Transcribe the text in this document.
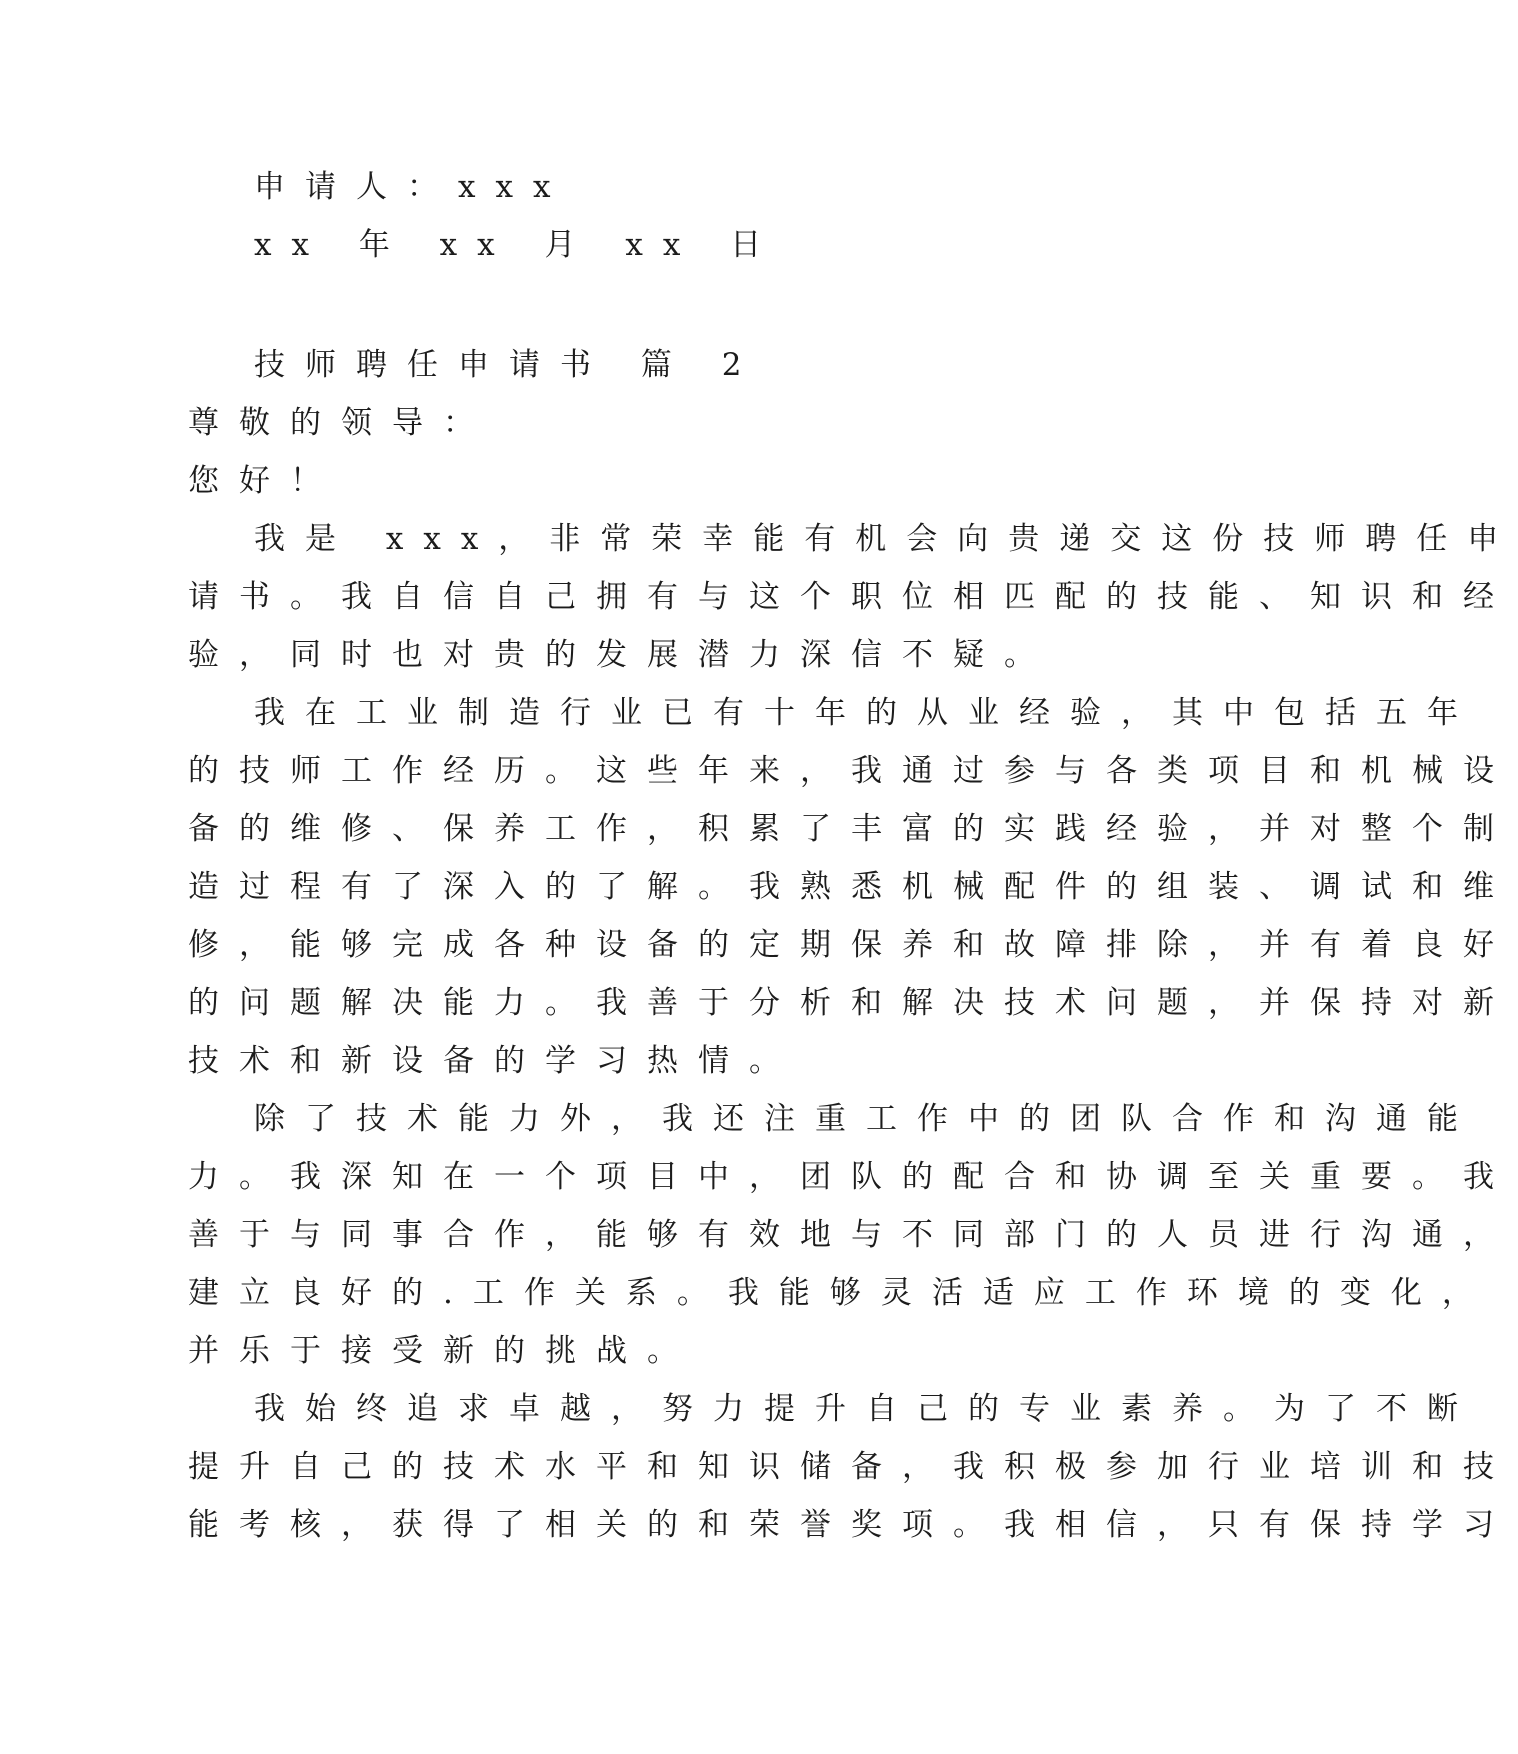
申请人：xxx
xx 年 xx 月 xx 日
技师聘任申请书 篇 2
尊敬的领导：
您好！
我是 xxx，非常荣幸能有机会向贵递交这份技师聘任申
请书。我自信自己拥有与这个职位相匹配的技能、知识和经
验，同时也对贵的发展潜力深信不疑。
我在工业制造行业已有十年的从业经验，其中包括五年
的技师工作经历。这些年来，我通过参与各类项目和机械设
备的维修、保养工作，积累了丰富的实践经验，并对整个制
造过程有了深入的了解。我熟悉机械配件的组装、调试和维
修，能够完成各种设备的定期保养和故障排除，并有着良好
的问题解决能力。我善于分析和解决技术问题，并保持对新
技术和新设备的学习热情。
除了技术能力外，我还注重工作中的团队合作和沟通能
力。我深知在一个项目中，团队的配合和协调至关重要。我
善于与同事合作，能够有效地与不同部门的人员进行沟通，
建立良好的.工作关系。我能够灵活适应工作环境的变化，
并乐于接受新的挑战。
我始终追求卓越，努力提升自己的专业素养。为了不断
提升自己的技术水平和知识储备，我积极参加行业培训和技
能考核，获得了相关的和荣誉奖项。我相信，只有保持学习
